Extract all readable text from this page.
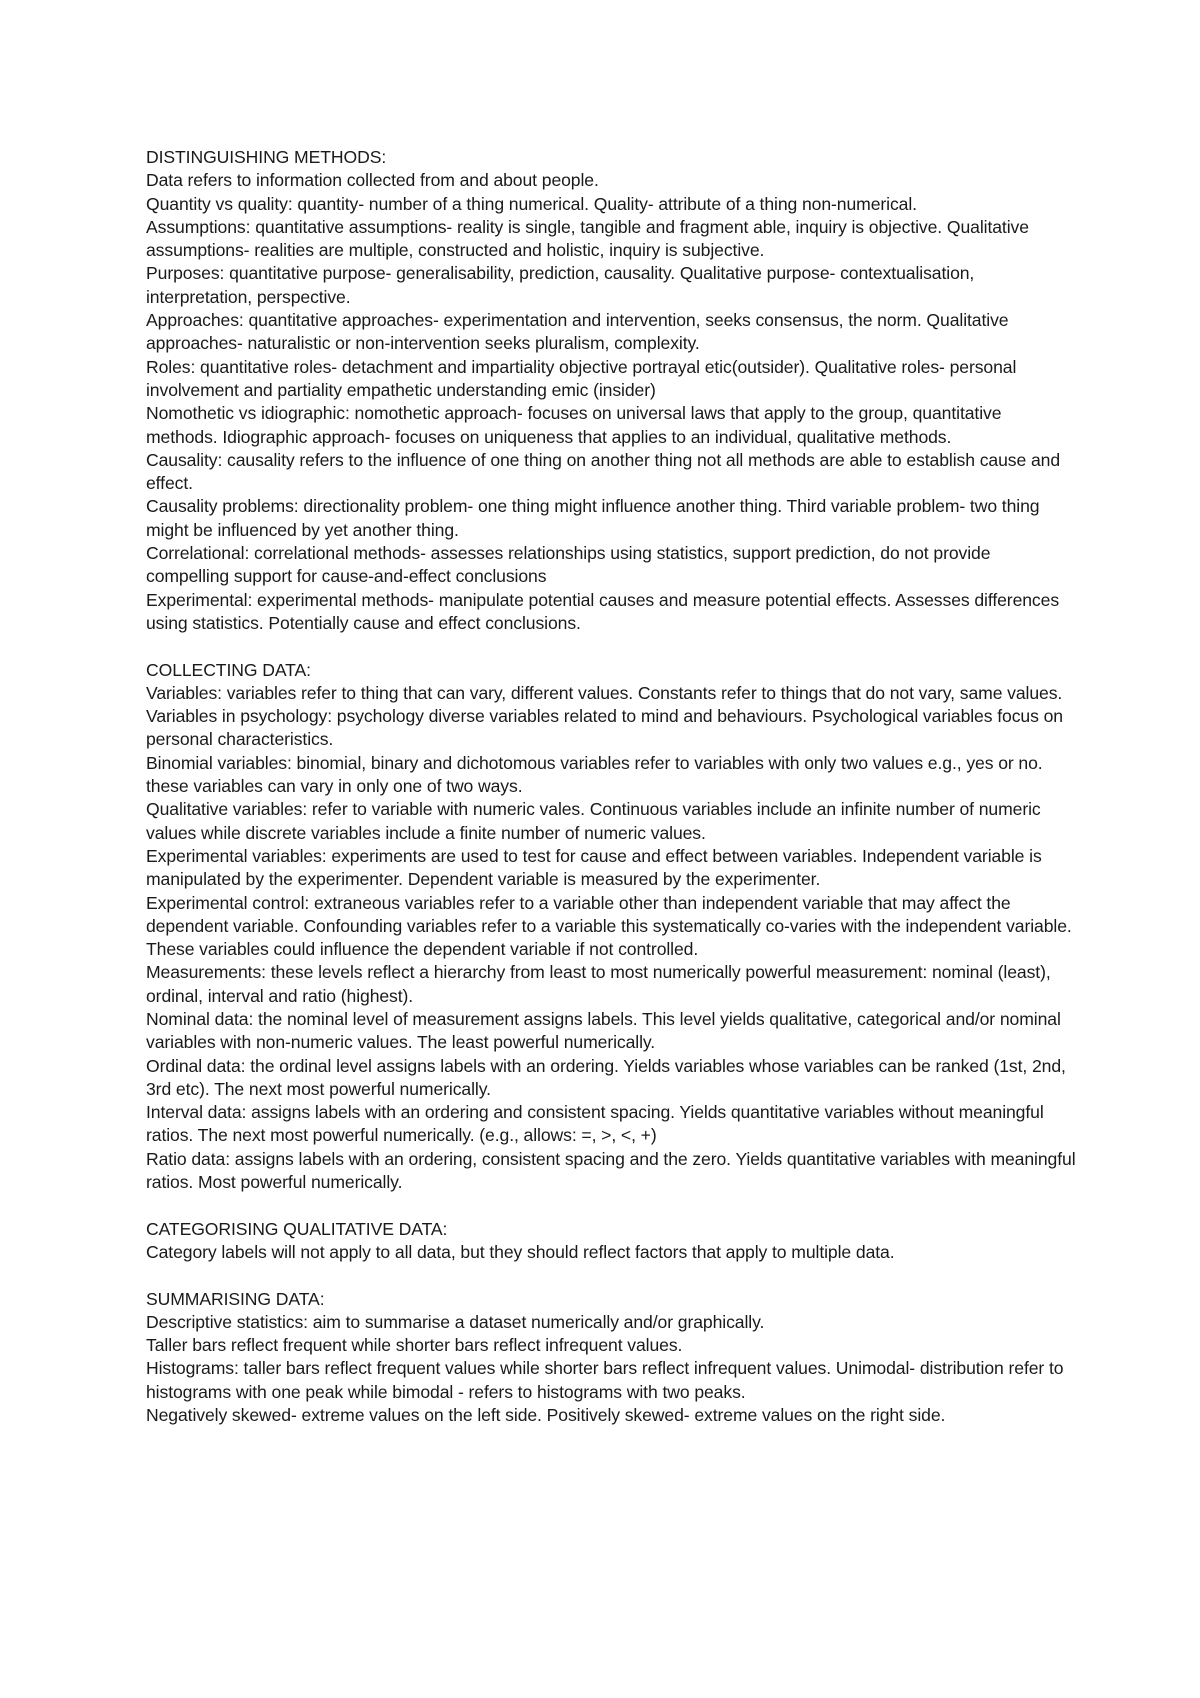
DISTINGUISHING METHODS:

Data refers to information collected from and about people.

Quantity vs quality: quantity- number of a thing numerical. Quality- attribute of a thing non-numerical.

Assumptions: quantitative assumptions- reality is single, tangible and fragment able, inquiry is objective. Qualitative assumptions- realities are multiple, constructed and holistic, inquiry is subjective.

Purposes: quantitative purpose- generalisability, prediction, causality. Qualitative purpose- contextualisation, interpretation, perspective.

Approaches: quantitative approaches- experimentation and intervention, seeks consensus, the norm. Qualitative approaches- naturalistic or non-intervention seeks pluralism, complexity.

Roles: quantitative roles- detachment and impartiality objective portrayal etic(outsider). Qualitative roles- personal involvement and partiality empathetic understanding emic (insider)

Nomothetic vs idiographic: nomothetic approach- focuses on universal laws that apply to the group, quantitative methods. Idiographic approach- focuses on uniqueness that applies to an individual, qualitative methods.

Causality: causality refers to the influence of one thing on another thing not all methods are able to establish cause and effect.

Causality problems: directionality problem- one thing might influence another thing. Third variable problem- two thing might be influenced by yet another thing.

Correlational: correlational methods- assesses relationships using statistics, support prediction, do not provide compelling support for cause-and-effect conclusions

Experimental: experimental methods- manipulate potential causes and measure potential effects. Assesses differences using statistics. Potentially cause and effect conclusions.

COLLECTING DATA:

Variables: variables refer to thing that can vary, different values. Constants refer to things that do not vary, same values.

Variables in psychology: psychology diverse variables related to mind and behaviours. Psychological variables focus on personal characteristics.

Binomial variables: binomial, binary and dichotomous variables refer to variables with only two values e.g., yes or no. these variables can vary in only one of two ways.

Qualitative variables: refer to variable with numeric vales. Continuous variables include an infinite number of numeric values while discrete variables include a finite number of numeric values.

Experimental variables: experiments are used to test for cause and effect between variables. Independent variable is manipulated by the experimenter. Dependent variable is measured by the experimenter.

Experimental control: extraneous variables refer to a variable other than independent variable that may affect the dependent variable. Confounding variables refer to a variable this systematically co-varies with the independent variable. These variables could influence the dependent variable if not controlled.

Measurements: these levels reflect a hierarchy from least to most numerically powerful measurement: nominal (least), ordinal, interval and ratio (highest).

Nominal data: the nominal level of measurement assigns labels. This level yields qualitative, categorical and/or nominal variables with non-numeric values. The least powerful numerically.

Ordinal data: the ordinal level assigns labels with an ordering. Yields variables whose variables can be ranked (1st, 2nd, 3rd etc). The next most powerful numerically.

Interval data: assigns labels with an ordering and consistent spacing. Yields quantitative variables without meaningful ratios. The next most powerful numerically. (e.g., allows: =, >, <, +)

Ratio data: assigns labels with an ordering, consistent spacing and the zero. Yields quantitative variables with meaningful ratios. Most powerful numerically.

CATEGORISING QUALITATIVE DATA:

Category labels will not apply to all data, but they should reflect factors that apply to multiple data.

SUMMARISING DATA:

Descriptive statistics: aim to summarise a dataset numerically and/or graphically.

Taller bars reflect frequent while shorter bars reflect infrequent values.

Histograms: taller bars reflect frequent values while shorter bars reflect infrequent values. Unimodal- distribution refer to histograms with one peak while bimodal - refers to histograms with two peaks.

Negatively skewed- extreme values on the left side. Positively skewed- extreme values on the right side.
